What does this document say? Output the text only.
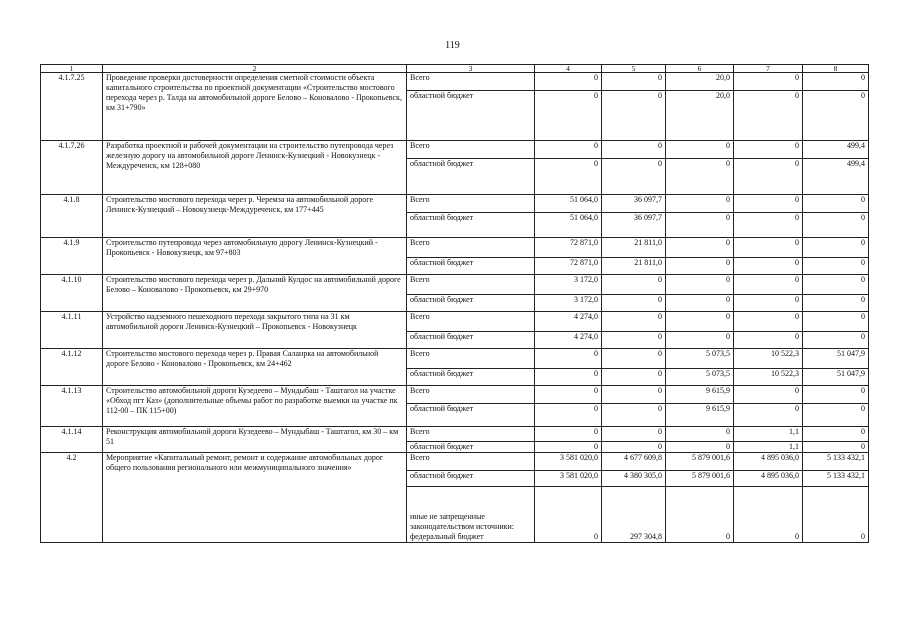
119
1	2	3	4	5	6	7	8
4.1.7.25	Проведение проверки достоверности определения сметной стоимости объекта капитального строительства по проектной документации «Строительство мостового перехода через р. Талда на автомобильной дороге Белово – Коновалово - Прокопьевск, км 31+790»	Всего	0	0	20,0	0	0
		областной бюджет	0	0	20,0	0	0
4.1.7.26	Разработка проектной и рабочей документации на строительство путепровода через железную дорогу на автомобильной дороге Ленинск-Кузнецкий - Новокузнецк - Междуреченск, км 128+080	Всего	0	0	0	0	499,4
		областной бюджет	0	0	0	0	499,4
4.1.8	Строительство мостового перехода через р. Черемза на автомобильной дороге Ленинск-Кузнецкий – Новокузнецк-Междуреченск, км 177+445	Всего	51 064,0	36 097,7	0	0	0
		областной бюджет	51 064,0	36 097,7	0	0	0
4.1.9	Строительство путепровода через автомобильную дорогу Ленинск-Кузнецкий - Прокопьевск - Новокузнецк, км 97+803	Всего	72 871,0	21 811,0	0	0	0
		областной бюджет	72 871,0	21 811,0	0	0	0
4.1.10	Строительство мостового перехода через р. Дальний Кулдос на автомобильной дороге Белово – Коновалово - Прокопьевск, км 29+970	Всего	3 172,0	0	0	0	0
		областной бюджет	3 172,0	0	0	0	0
4.1.11	Устройство надземного пешеходного перехода закрытого типа на 31 км автомобильной дороги Ленинск-Кузнецкий – Прокопьевск - Новокузнецк	Всего	4 274,0	0	0	0	0
		областной бюджет	4 274,0	0	0	0	0
4.1.12	Строительство мостового перехода через р. Правая Саланрка на автомобильной дороге Белово - Коновалово - Прокопьевск, км 24+462	Всего	0	0	5 073,5	10 522,3	51 047,9
		областной бюджет	0	0	5 073,5	10 522,3	51 047,9
4.1.13	Строительство автомобильной дороги Кузедеево – Мундыбаш - Таштагол на участке «Обход пгт Каз» (дополнительные объемы работ по разработке выемки на участке пк 112-00 – ПК 115+00)	Всего	0	0	9 615,9	0	0
		областной бюджет	0	0	9 615,9	0	0
4.1.14	Реконструкция автомобильной дороги Кузедеево – Мундыбаш - Таштагол, км 30 – км 51	Всего	0	0	0	1,1	0
		областной бюджет	0	0	0	1,1	0
4.2	Мероприятие «Капитальный ремонт, ремонт и содержание автомобильных дорог общего пользования регионального или межмуниципального значения»	Всего	3 581 020,0	4 677 609,8	5 879 001,6	4 895 036,0	5 133 432,1
		областной бюджет	3 581 020,0	4 380 305,0	5 879 001,6	4 895 036,0	5 133 432,1
		иные не запрещенные законодательством источники: федеральный бюджет	0	297 304,8	0	0	0
